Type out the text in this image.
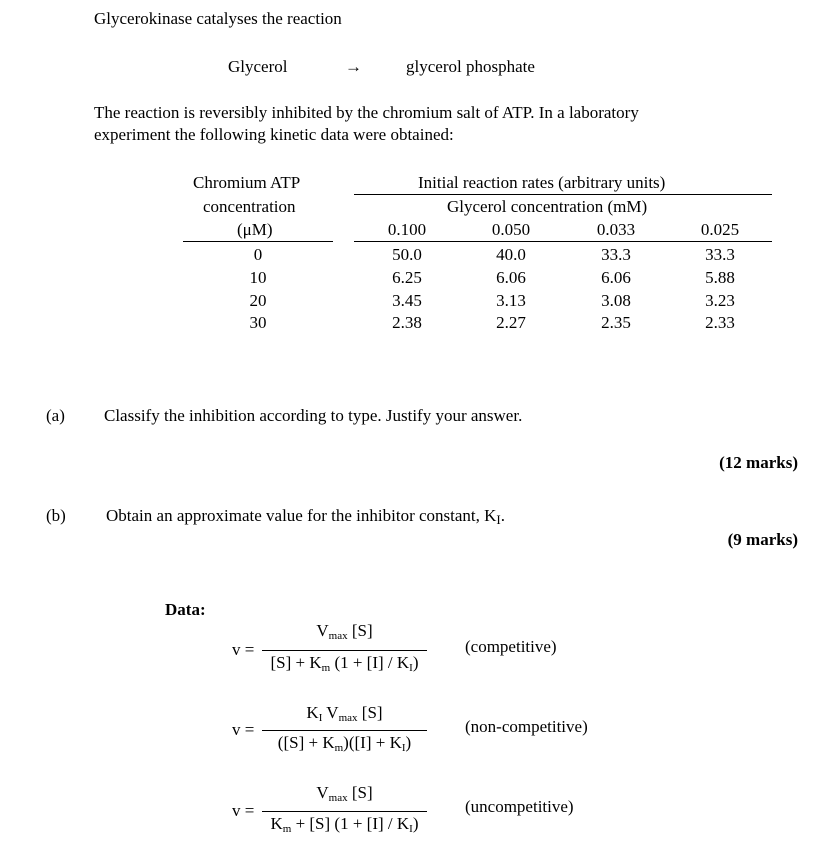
Glycerokinase catalyses the reaction
Glycerol	→	glycerol phosphate
The reaction is reversibly inhibited by the chromium salt of ATP. In a laboratory
experiment the following kinetic data were obtained:
Chromium ATP
concentration
(μM)
Initial reaction rates (arbitrary units)
Glycerol concentration (mM)
0.100	0.050	0.033	0.025
0	50.0	40.0	33.3	33.3
10	6.25	6.06	6.06	5.88
20	3.45	3.13	3.08	3.23
30	2.38	2.27	2.35	2.33
(a) Classify the inhibition according to type. Justify your answer.
(12 marks)
(b) Obtain an approximate value for the inhibitor constant, $K_I$.
(9 marks)
Data:
v =
$V_{max}$ [S]
$[S] + K_m$ $(1 + [I] / K_I)$
(competitive)
v =
$K_I$ $V_{max}$ [S]
$([S] + K_m)([I] + K_I)$
(non-competitive)
v =
$V_{max}$ [S]
$K_m + [S] (1 + [I] / K_I)$
(uncompetitive)
